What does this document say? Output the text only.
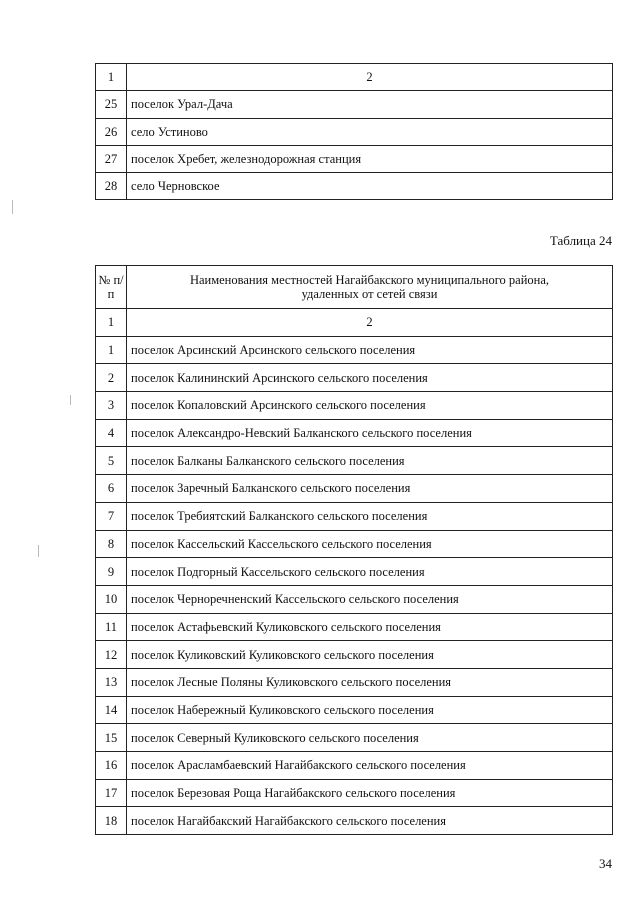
1	2
25	поселок Урал-Дача
26	село Устиново
27	поселок Хребет, железнодорожная станция
28	село Черновское
Таблица 24
№ п/п	Наименования местностей Нагайбакского муниципального района, удаленных от сетей связи
1	2
1	поселок Арсинский Арсинского сельского поселения
2	поселок Калининский Арсинского сельского поселения
3	поселок Копаловский Арсинского сельского поселения
4	поселок Александро-Невский Балканского сельского поселения
5	поселок Балканы Балканского сельского поселения
6	поселок Заречный Балканского сельского поселения
7	поселок Требиятский Балканского сельского поселения
8	поселок Кассельский Кассельского сельского поселения
9	поселок Подгорный Кассельского сельского поселения
10	поселок Черноречненский Кассельского сельского поселения
11	поселок Астафьевский Куликовского сельского поселения
12	поселок Куликовский Куликовского сельского поселения
13	поселок Лесные Поляны Куликовского сельского поселения
14	поселок Набережный Куликовского сельского поселения
15	поселок Северный Куликовского сельского поселения
16	поселок Арасламбаевский Нагайбакского сельского поселения
17	поселок Березовая Роща Нагайбакского сельского поселения
18	поселок Нагайбакский Нагайбакского сельского поселения
34
